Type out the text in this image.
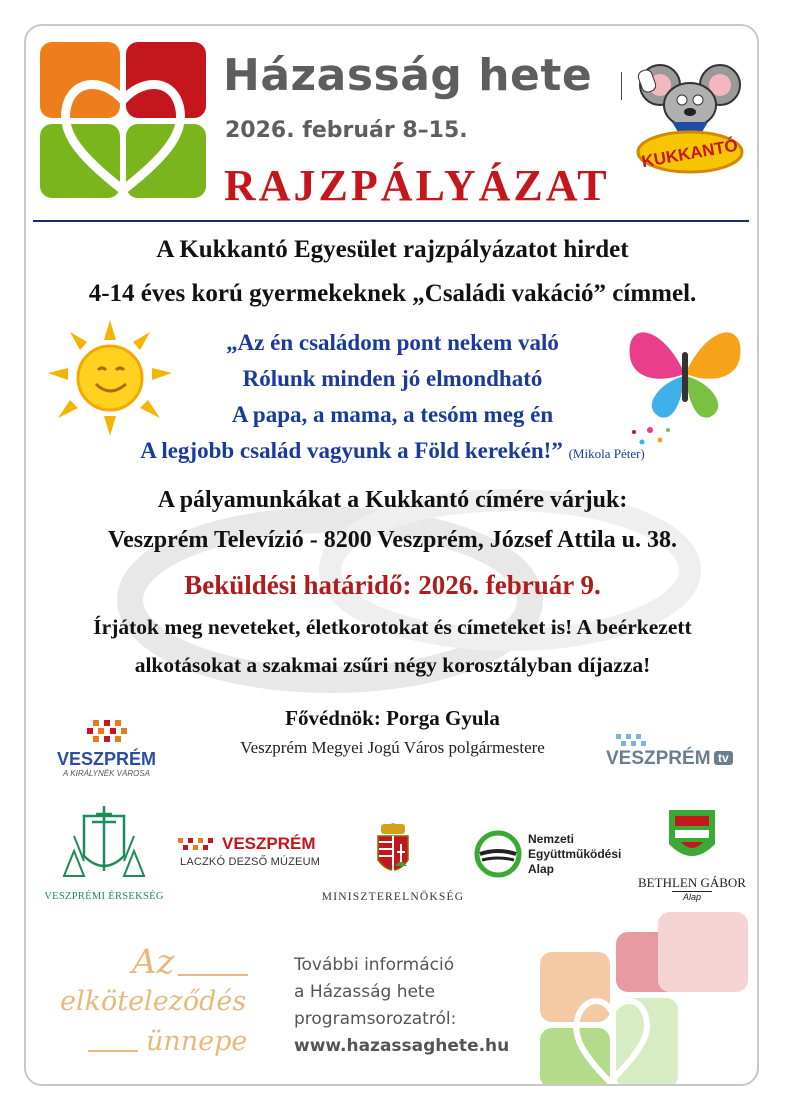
Házasság hete
2026. február 8–15.
RAJZPÁLYÁZAT
KUKKANTÓ
A Kukkantó Egyesület rajzpályázatot hirdet
4-14 éves korú gyermekeknek „Családi vakáció” címmel.
„Az én családom pont nekem való
Rólunk minden jó elmondható
A papa, a mama, a tesóm meg én
A legjobb család vagyunk a Föld kerekén!” (Mikola Péter)
A pályamunkákat a Kukkantó címére várjuk:
Veszprém Televízió - 8200 Veszprém, József Attila u. 38.
Beküldési határidő: 2026. február 9.
Írjátok meg neveteket, életkorotokat és címeteket is! A beérkezett
alkotásokat a szakmai zsűri négy korosztályban díjazza!
Fővédnök: Porga Gyula
Veszprém Megyei Jogú Város polgármestere
VESZPRÉM
A KIRÁLYNÉK VÁROSA
VESZPRÉM tv
VESZPRÉMI ÉRSEKSÉG
VESZPRÉM
LACZKÓ DEZSŐ MÚZEUM
MINISZTERELNÖKSÉG
Nemzeti
Együttműködési
Alap
BETHLEN GÁBOR
Alap
Az
elköteleződés
ünnepe
További információ
a Házasság hete
programsorozatról:
www.hazassaghete.hu
